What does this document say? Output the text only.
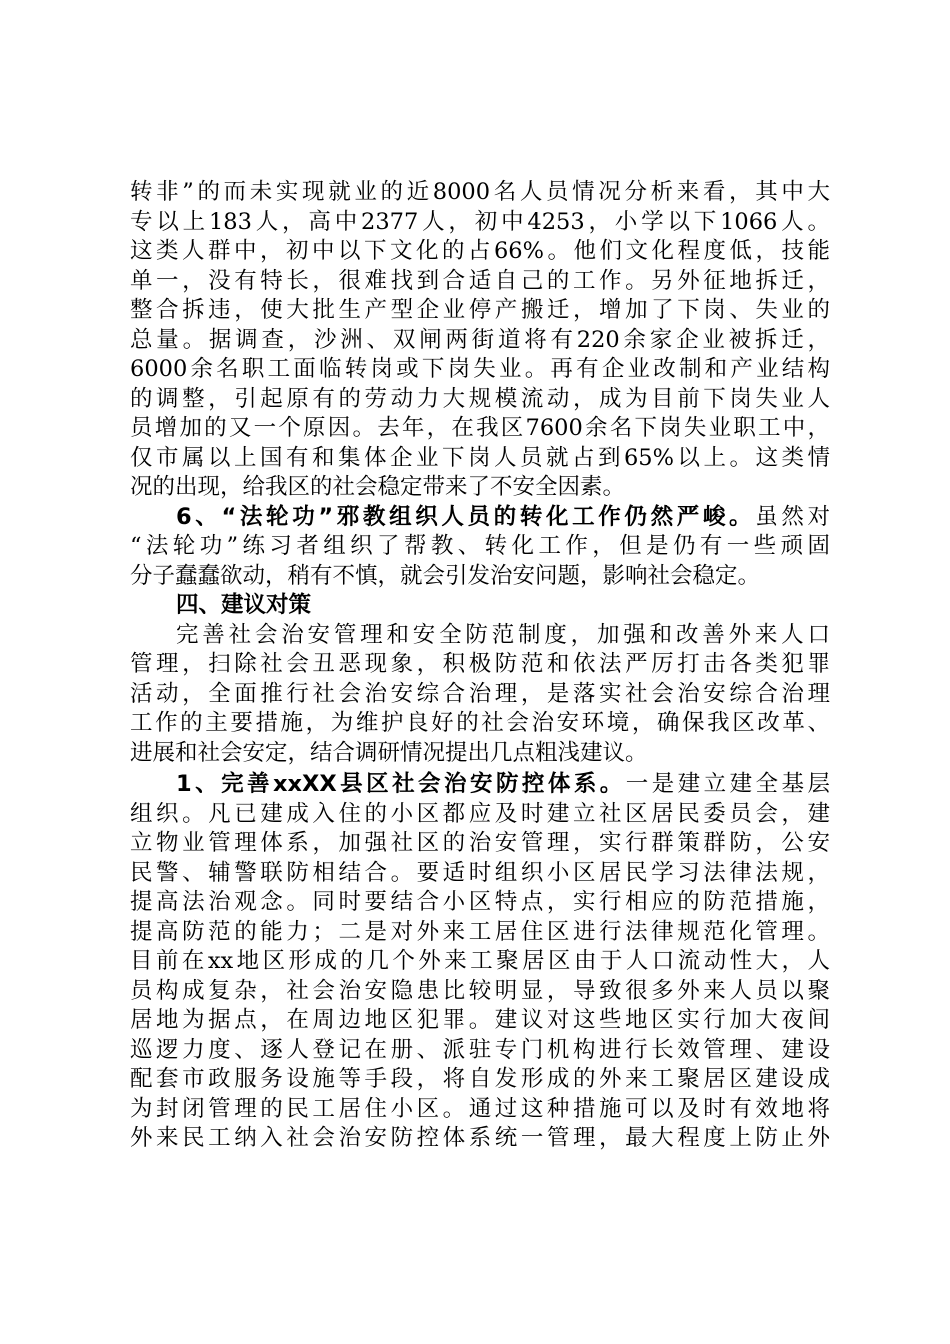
转非”的而未实现就业的近8000名人员情况分析来看，其中大
专以上183人，高中2377人，初中4253，小学以下1066人。
这类人群中，初中以下文化的占66%。他们文化程度低，技能
单一，没有特长，很难找到合适自己的工作。另外征地拆迁，
整合拆违，使大批生产型企业停产搬迁，增加了下岗、失业的
总量。据调查，沙洲、双闸两街道将有220余家企业被拆迁，
6000余名职工面临转岗或下岗失业。再有企业改制和产业结构
的调整，引起原有的劳动力大规模流动，成为目前下岗失业人
员增加的又一个原因。去年，在我区7600余名下岗失业职工中，
仅市属以上国有和集体企业下岗人员就占到65%以上。这类情
况的出现，给我区的社会稳定带来了不安全因素。
6、“法轮功”邪教组织人员的转化工作仍然严峻。虽然对
“法轮功”练习者组织了帮教、转化工作，但是仍有一些顽固
分子蠢蠢欲动，稍有不慎，就会引发治安问题，影响社会稳定。
四、建议对策
完善社会治安管理和安全防范制度，加强和改善外来人口
管理，扫除社会丑恶现象，积极防范和依法严厉打击各类犯罪
活动，全面推行社会治安综合治理，是落实社会治安综合治理
工作的主要措施，为维护良好的社会治安环境，确保我区改革、
进展和社会安定，结合调研情况提出几点粗浅建议。
1、完善xxXX县区社会治安防控体系。一是建立建全基层
组织。凡已建成入住的小区都应及时建立社区居民委员会，建
立物业管理体系，加强社区的治安管理，实行群策群防，公安
民警、辅警联防相结合。要适时组织小区居民学习法律法规，
提高法治观念。同时要结合小区特点，实行相应的防范措施，
提高防范的能力；二是对外来工居住区进行法律规范化管理。
目前在xx地区形成的几个外来工聚居区由于人口流动性大，人
员构成复杂，社会治安隐患比较明显，导致很多外来人员以聚
居地为据点，在周边地区犯罪。建议对这些地区实行加大夜间
巡逻力度、逐人登记在册、派驻专门机构进行长效管理、建设
配套市政服务设施等手段，将自发形成的外来工聚居区建设成
为封闭管理的民工居住小区。通过这种措施可以及时有效地将
外来民工纳入社会治安防控体系统一管理，最大程度上防止外
